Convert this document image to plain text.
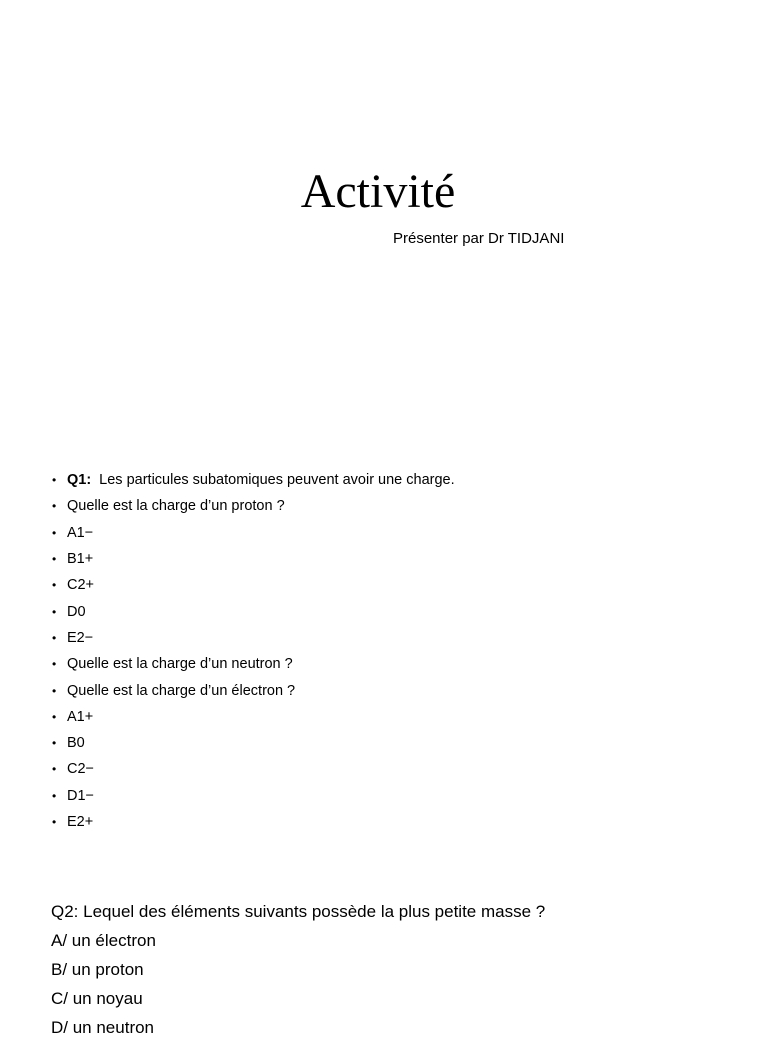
Activité
Présenter par Dr TIDJANI
• Q1: Les particules subatomiques peuvent avoir une charge.
• Quelle est la charge d’un proton ?
• A1−
• B1+
• C2+
• D0
• E2−
• Quelle est la charge d’un neutron ?
• Quelle est la charge d’un électron ?
• A1+
• B0
• C2−
• D1−
• E2+
Q2: Lequel des éléments suivants possède la plus petite masse ?
A/ un électron
B/ un proton
C/ un noyau
D/ un neutron
